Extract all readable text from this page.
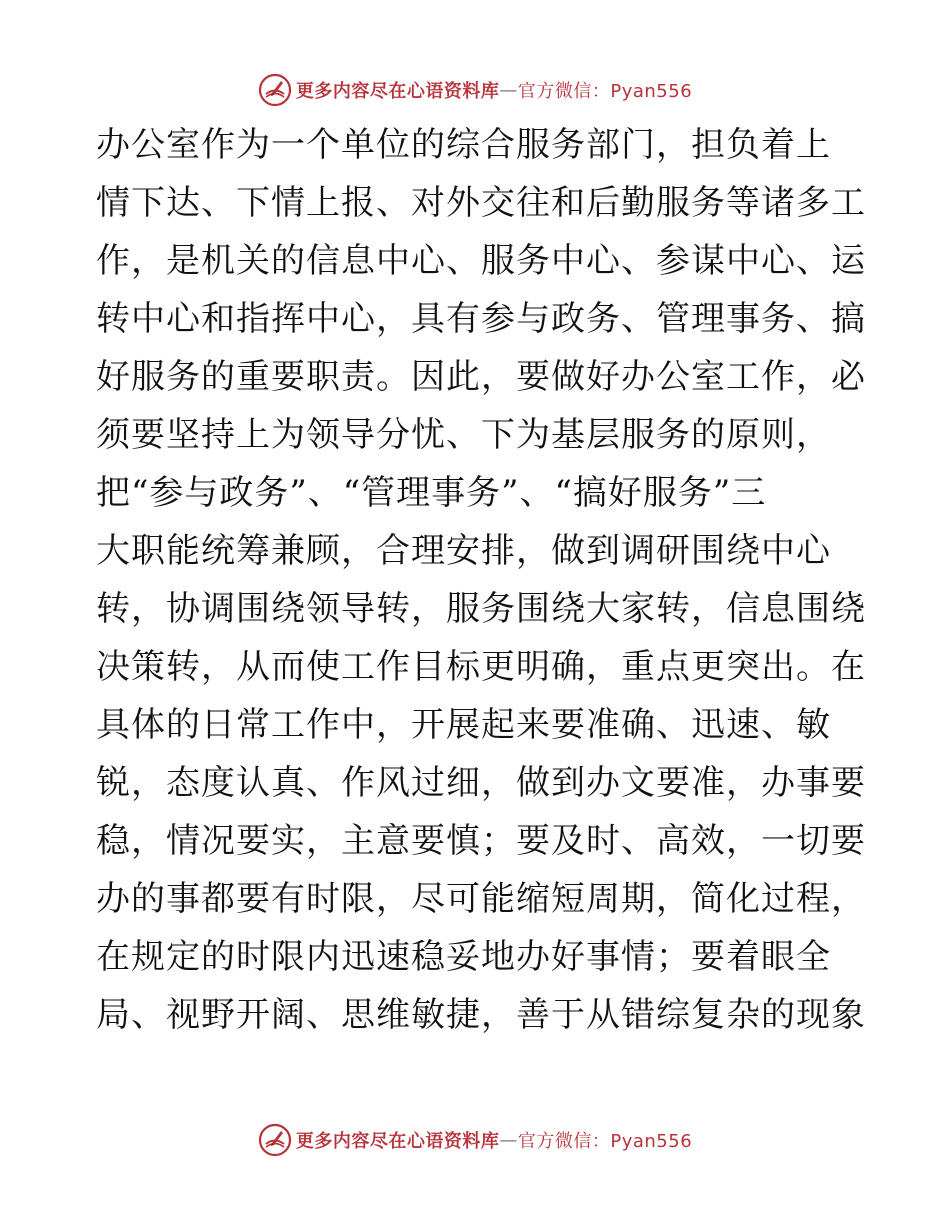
更多内容尽在心语资料库 — 官方微信：Pyan556
办公室作为一个单位的综合服务部门，担负着上
情下达、下情上报、对外交往和后勤服务等诸多工
作，是机关的信息中心、服务中心、参谋中心、运
转中心和指挥中心，具有参与政务、管理事务、搞
好服务的重要职责。因此，要做好办公室工作，必
须要坚持上为领导分忧、下为基层服务的原则，
把“参与政务”、“管理事务”、“搞好服务”三
大职能统筹兼顾，合理安排，做到调研围绕中心
转，协调围绕领导转，服务围绕大家转，信息围绕
决策转，从而使工作目标更明确，重点更突出。在
具体的日常工作中，开展起来要准确、迅速、敏
锐，态度认真、作风过细，做到办文要准，办事要
稳，情况要实，主意要慎；要及时、高效，一切要
办的事都要有时限，尽可能缩短周期，简化过程，
在规定的时限内迅速稳妥地办好事情；要着眼全
局、视野开阔、思维敏捷，善于从错综复杂的现象
更多内容尽在心语资料库 — 官方微信：Pyan556
